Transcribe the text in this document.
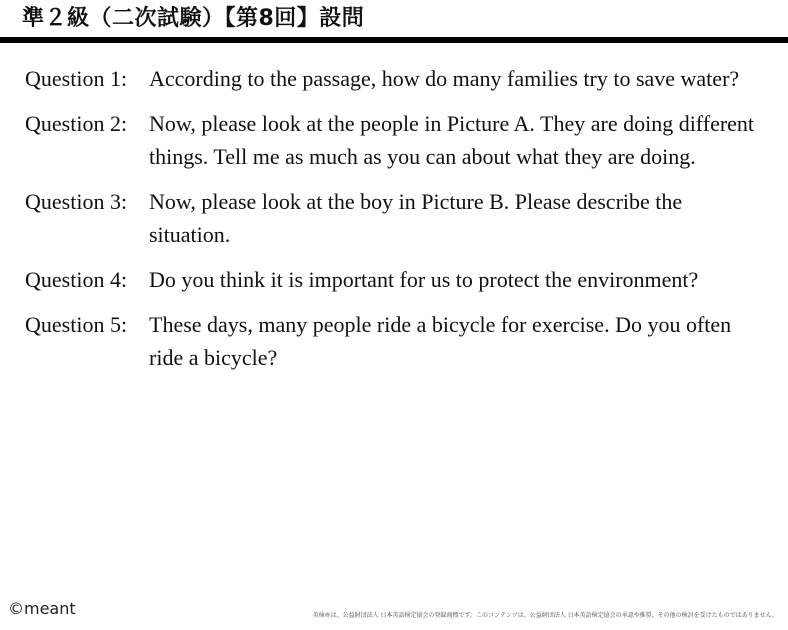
準２級（二次試験）【第8回】設問
Question 1: According to the passage, how do many families try to save water?
Question 2: Now, please look at the people in Picture A. They are doing different things. Tell me as much as you can about what they are doing.
Question 3: Now, please look at the boy in Picture B. Please describe the situation.
Question 4: Do you think it is important for us to protect the environment?
Question 5: These days, many people ride a bicycle for exercise. Do you often ride a bicycle?
©meant	英検®は、公益財団法人 日本英語検定協会の登録商標です。このコンテンツは、公益財団法人 日本英語検定協会の承認や推奨、その他の検討を受けたものではありません。
